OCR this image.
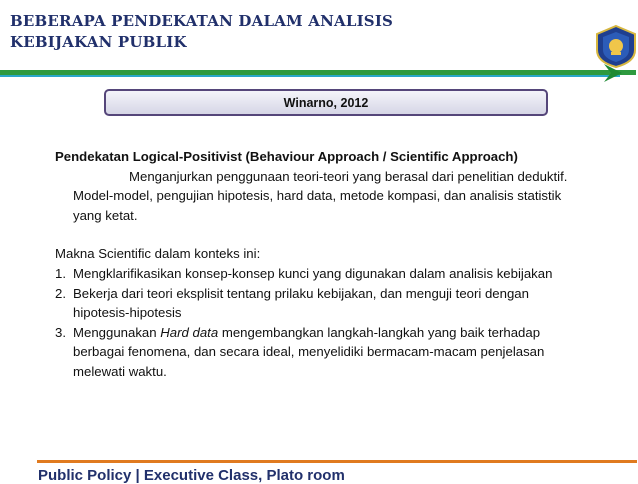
BEBERAPA PENDEKATAN DALAM ANALISIS
KEBIJAKAN PUBLIK
Winarno, 2012

Pendekatan Logical-Positivist (Behaviour Approach / Scientific Approach)

Menganjurkan penggunaan teori-teori yang berasal dari penelitian deduktif. Model-model, pengujian hipotesis, hard data, metode kompasi, dan analisis statistik yang ketat.

Makna Scientific dalam konteks ini:

1. Mengklarifikasikan konsep-konsep kunci yang digunakan dalam analisis kebijakan
2. Bekerja dari teori eksplisit tentang prilaku kebijakan, dan menguji teori dengan hipotesis-hipotesis
3. Menggunakan Hard data mengembangkan langkah-langkah yang baik terhadap berbagai fenomena, dan secara ideal, menyelidiki bermacam-macam penjelasan melewati waktu.
Public Policy | Executive Class, Plato room
